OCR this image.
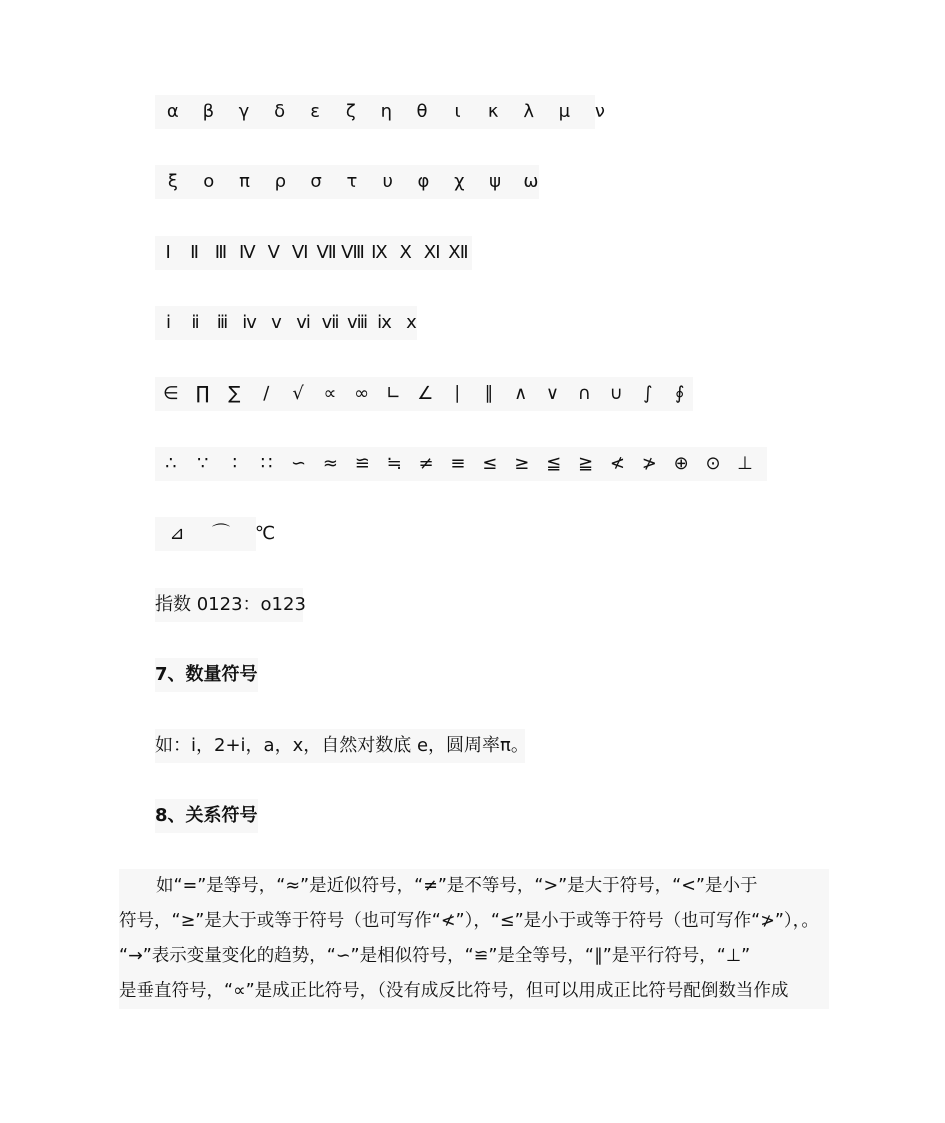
α β γ δ ε ζ η θ ι κ λ μ ν
ξ ο π ρ σ τ υ φ χ ψ ω
Ⅰ Ⅱ Ⅲ Ⅳ Ⅴ Ⅵ Ⅶ Ⅷ Ⅸ Ⅹ Ⅺ Ⅻ
ⅰ ⅱ ⅲ ⅳ ⅴ ⅵ ⅶ ⅷ ⅸ ⅹ
∈ ∏ ∑ ∕ √ ∝ ∞ ∟ ∠ ∣ ∥ ∧ ∨ ∩ ∪ ∫ ∮
∴ ∵ ∶ ∷ ∽ ≈ ≌ ≒ ≠ ≡ ≤ ≥ ≦ ≧ ≮ ≯ ⊕ ⊙ ⊥
⊿ ⌒ ℃
指数 0123：o123
7、数量符号
如：i，2+i，a，x，自然对数底 e，圆周率π。
8、关系符号
如“=”是等号，“≈”是近似符号，“≠”是不等号，“>”是大于符号，“<”是小于
符号，“≥”是大于或等于符号（也可写作“≮”），“≤”是小于或等于符号（也可写作“≯”），。
“→”表示变量变化的趋势，“∽”是相似符号，“≌”是全等号，“∥”是平行符号，“⊥”
是垂直符号，“∝”是成正比符号，（没有成反比符号，但可以用成正比符号配倒数当作成
